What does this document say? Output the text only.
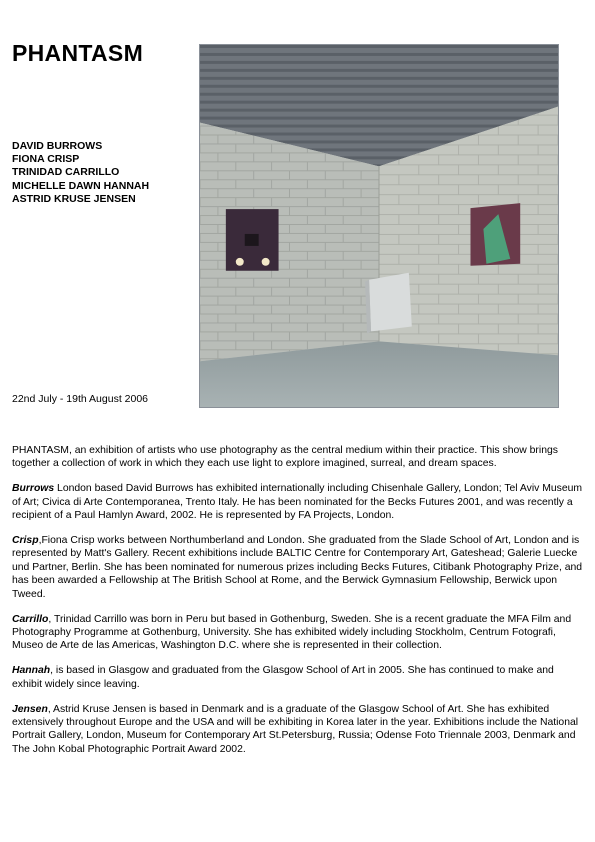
PHANTASM
DAVID BURROWS
FIONA CRISP
TRINIDAD CARRILLO
MICHELLE DAWN HANNAH
ASTRID KRUSE JENSEN
22nd July - 19th August 2006

PHANTASM, an exhibition of artists who use photography as the central medium within their practice. This show brings together a collection of work in which they each use light to explore imagined, surreal, and dream spaces.

Burrows London based David Burrows has exhibited internationally including Chisenhale Gallery, London; Tel Aviv Museum of Art; Civica di Arte Contemporanea, Trento Italy. He has been nominated for the Becks Futures 2001, and was recently a recipient of a Paul Hamlyn Award, 2002. He is represented by FA Projects, London.

Crisp,Fiona Crisp works between Northumberland and London. She graduated from the Slade School of Art, London and is represented by Matt's Gallery. Recent exhibitions include BALTIC Centre for Contemporary Art, Gateshead; Galerie Luecke und Partner, Berlin. She has been nominated for numerous prizes including Becks Futures, Citibank Photography Prize, and has been awarded a Fellowship at The British School at Rome, and the Berwick Gymnasium Fellowship, Berwick upon Tweed.

Carrillo, Trinidad Carrillo was born in Peru but based in Gothenburg, Sweden. She is a recent graduate the MFA Film and Photography Programme at Gothenburg, University. She has exhibited widely including Stockholm, Centrum Fotografi, Museo de Arte de las Americas, Washington D.C. where she is represented in their collection.

Hannah, is based in Glasgow and graduated from the Glasgow School of Art in 2005. She has continued to make and exhibit widely since leaving.

Jensen, Astrid Kruse Jensen is based in Denmark and is a graduate of the Glasgow School of Art. She has exhibited extensively throughout Europe and the USA and will be exhibiting in Korea later in the year. Exhibitions include the National Portrait Gallery, London, Museum for Contemporary Art St.Petersburg, Russia; Odense Foto Triennale 2003, Denmark and The John Kobal Photographic Portrait Award 2002.
